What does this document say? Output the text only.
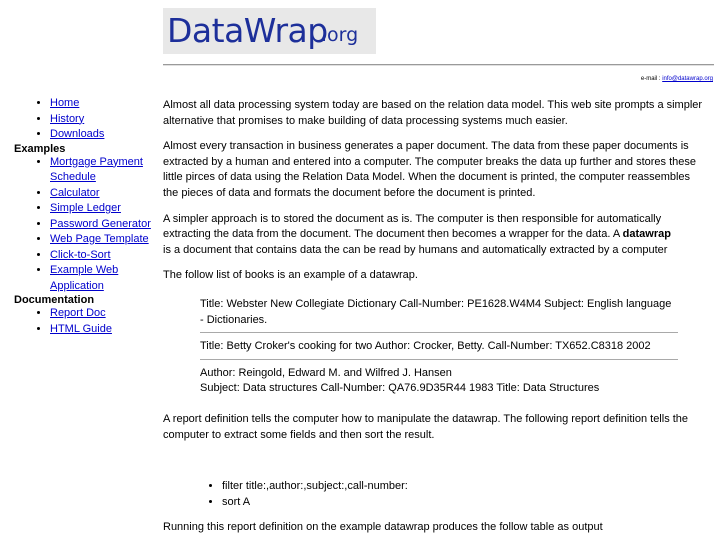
DataWrap
.org
e-mail : info@datawrap.org
• Home
• History
• Downloads
Examples
• Mortgage Payment Schedule
• Calculator
• Simple Ledger
• Password Generator
• Web Page Template
• Click-to-Sort
• Example Web Application
Documentation
• Report Doc
• HTML Guide

Almost all data processing system today are based on the relation data model. This web site prompts a simpler alternative that promises to make building of data processing systems much easier.

Almost every transaction in business generates a paper document. The data from these paper documents is extracted by a human and entered into a computer. The computer breaks the data up further and stores these little pirces of data using the Relation Data Model. When the document is printed, the computer reassembles the pieces of data and formats the document before the document is printed.

A simpler approach is to stored the document as is. The computer is then responsible for automatically extracting the data from the document. The document then becomes a wrapper for the data. A datawrap
is a document that contains data the can be read by humans and automatically extracted by a computer

The follow list of books is an example of a datawrap.

Title: Webster New Collegiate Dictionary Call-Number: PE1628.W4M4 Subject: English language - Dictionaries.
Title: Betty Croker's cooking for two Author: Crocker, Betty. Call-Number: TX652.C8318 2002
Author: Reingold, Edward M. and Wilfred J. Hansen
Subject: Data structures Call-Number: QA76.9D35R44 1983 Title: Data Structures

A report definition tells the computer how to manipulate the datawrap. The following report definition tells the computer to extract some fields and then sort the result.

• filter title:,author:,subject:,call-number:
• sort A

Running this report definition on the example datawrap produces the follow table as output
